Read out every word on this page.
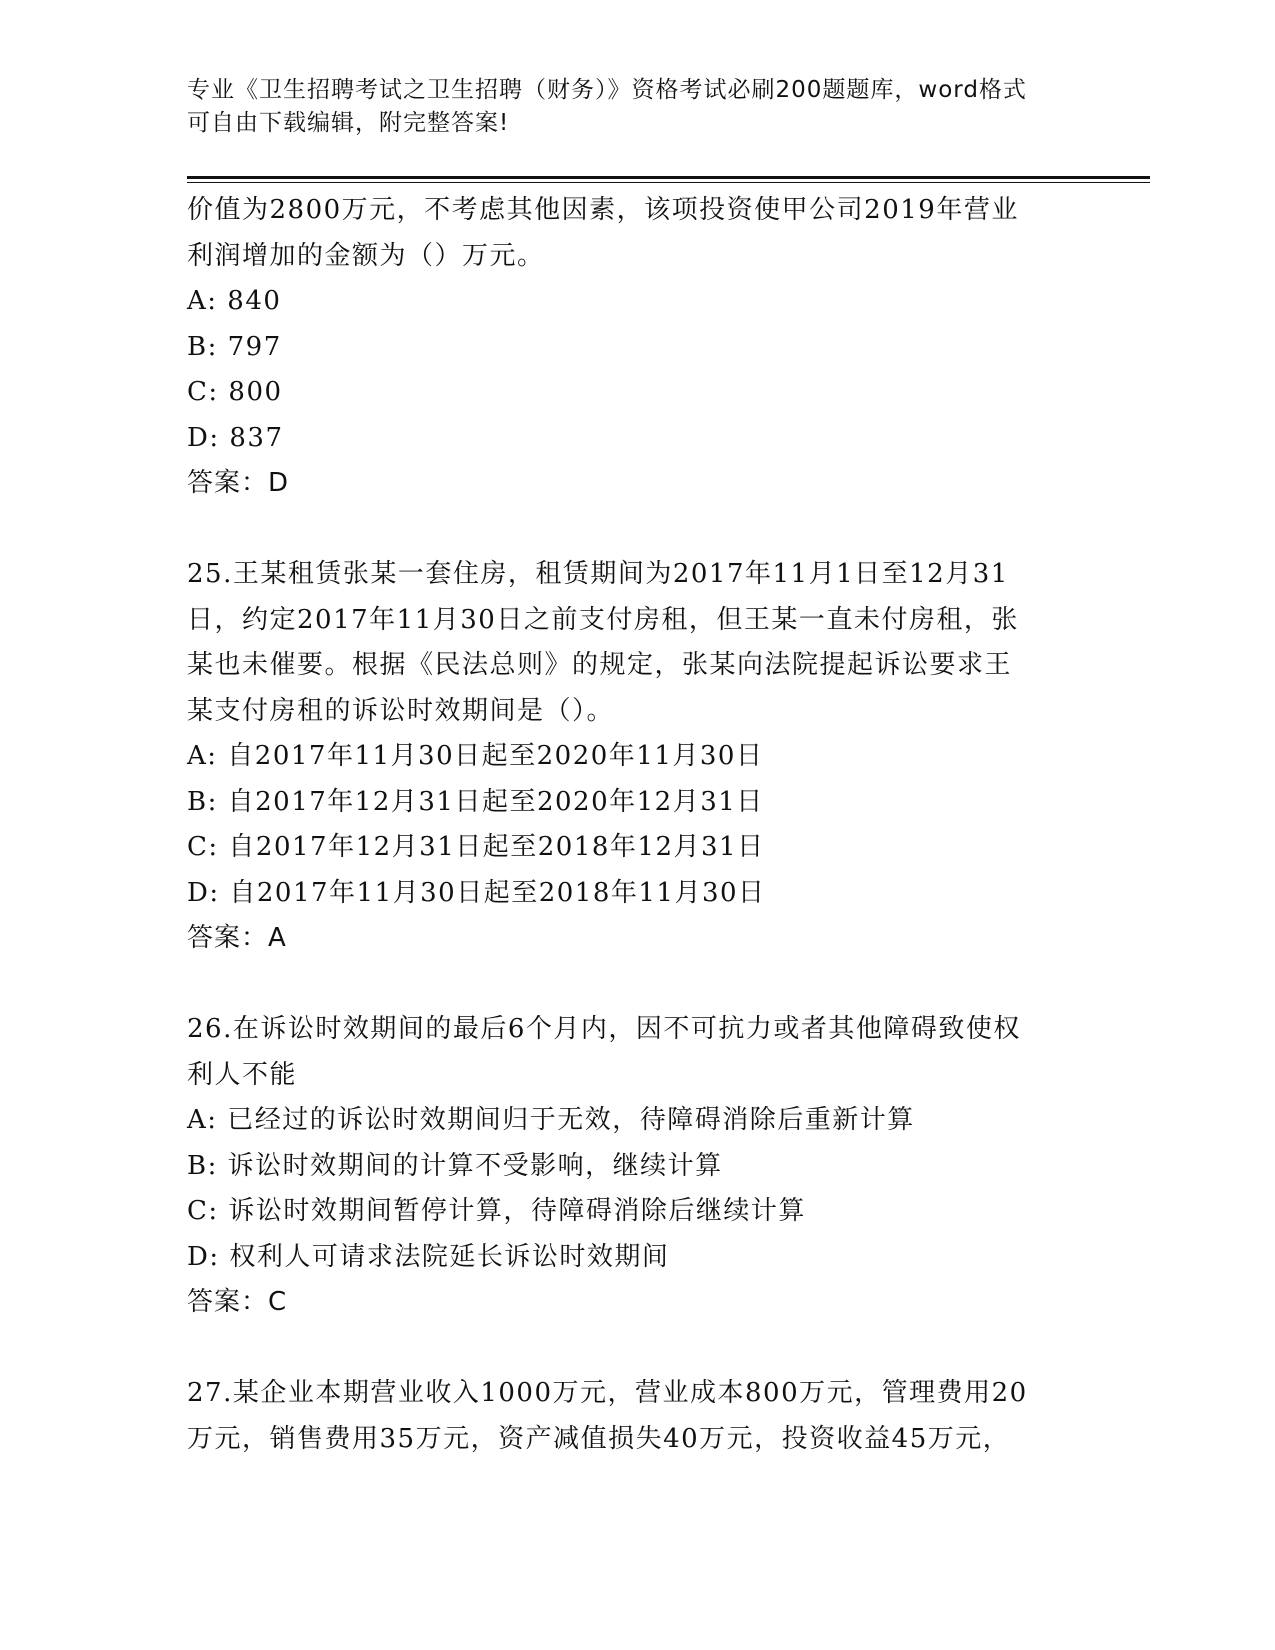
专业《卫生招聘考试之卫生招聘（财务）》资格考试必刷200题题库，word格式
可自由下载编辑，附完整答案!
价值为2800万元，不考虑其他因素，该项投资使甲公司2019年营业
利润增加的金额为（）万元。
A: 840
B: 797
C: 800
D: 837
答案：D
25.王某租赁张某一套住房，租赁期间为2017年11月1日至12月31
日，约定2017年11月30日之前支付房租，但王某一直未付房租，张
某也未催要。根据《民法总则》的规定，张某向法院提起诉讼要求王
某支付房租的诉讼时效期间是（）。
A: 自2017年11月30日起至2020年11月30日
B: 自2017年12月31日起至2020年12月31日
C: 自2017年12月31日起至2018年12月31日
D: 自2017年11月30日起至2018年11月30日
答案：A
26.在诉讼时效期间的最后6个月内，因不可抗力或者其他障碍致使权
利人不能
A: 已经过的诉讼时效期间归于无效，待障碍消除后重新计算
B: 诉讼时效期间的计算不受影响，继续计算
C: 诉讼时效期间暂停计算，待障碍消除后继续计算
D: 权利人可请求法院延长诉讼时效期间
答案：C
27.某企业本期营业收入1000万元，营业成本800万元，管理费用20
万元，销售费用35万元，资产减值损失40万元，投资收益45万元，
